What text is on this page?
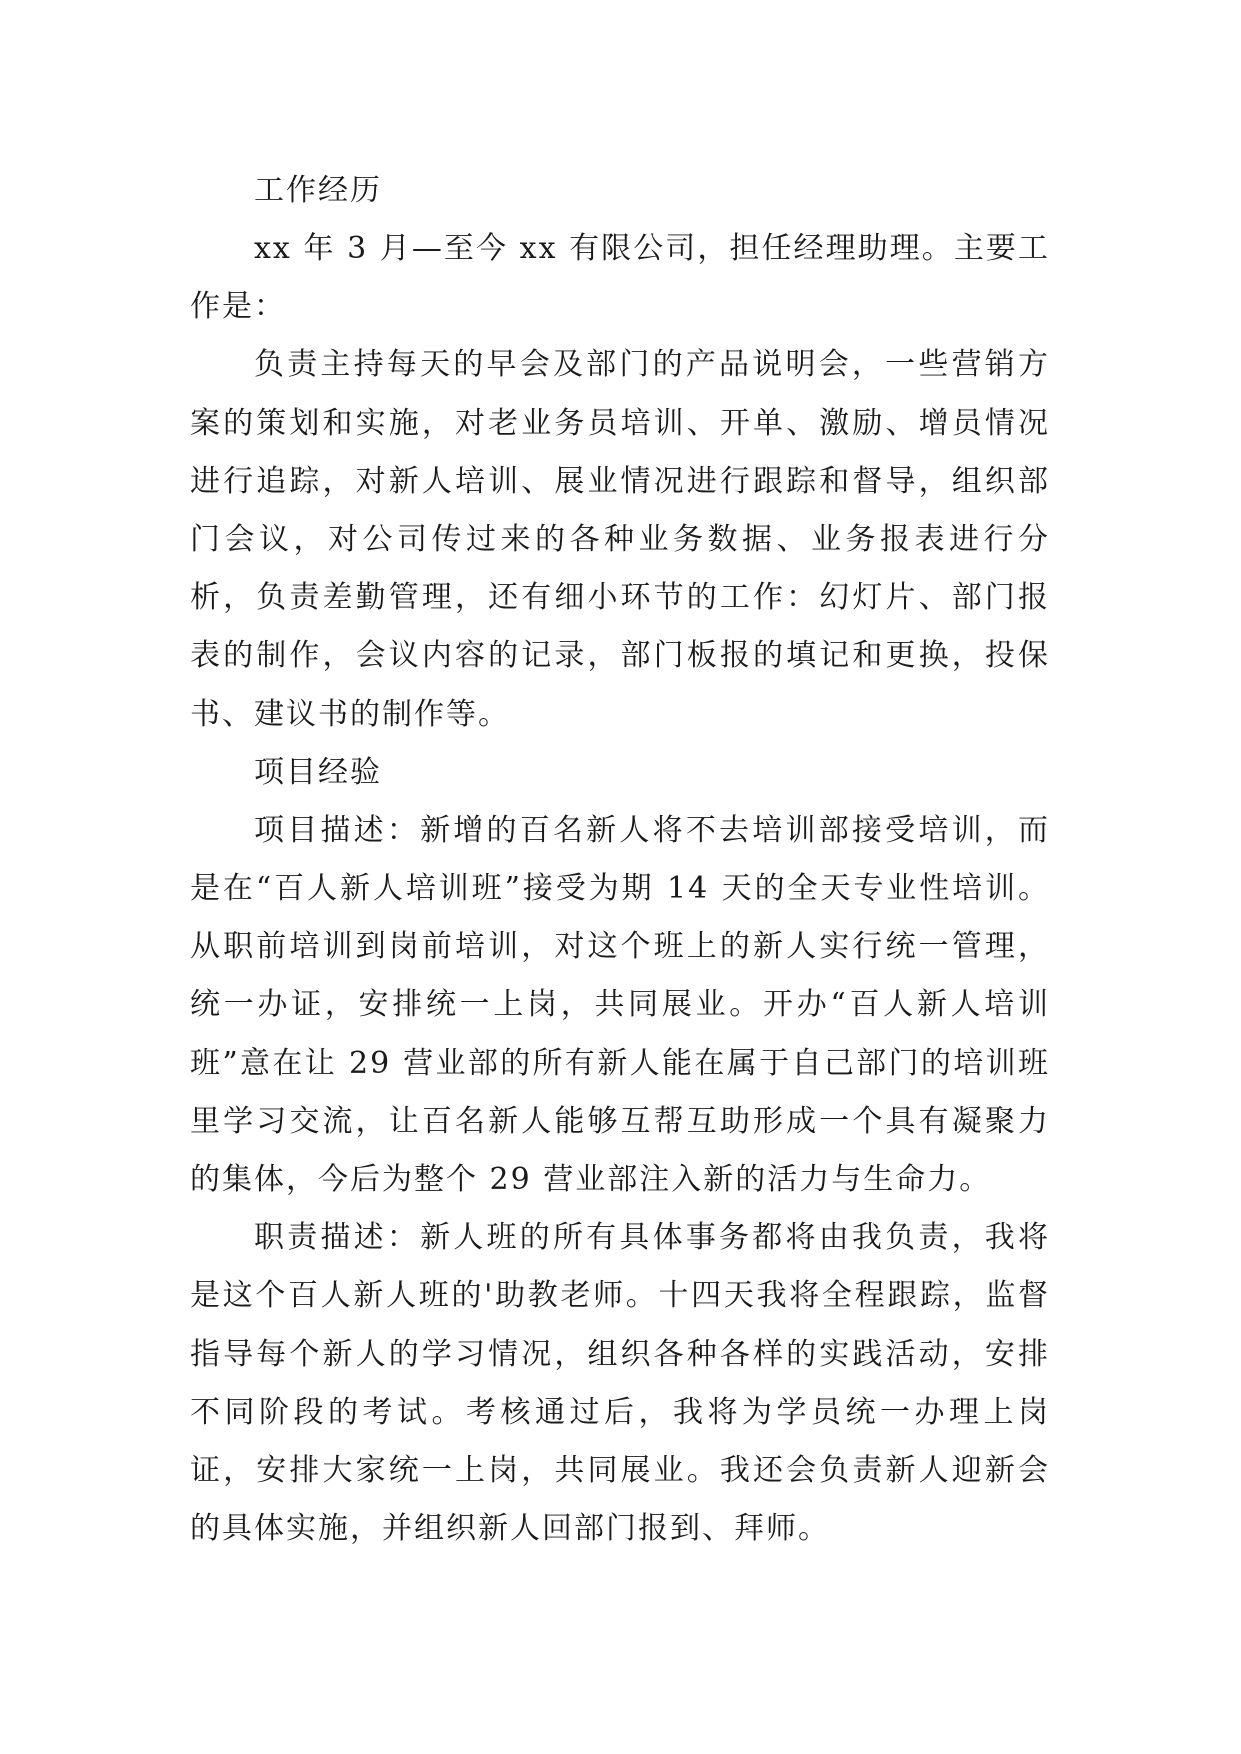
工作经历

xx 年 3 月—至今 xx 有限公司，担任经理助理。主要工作是：

负责主持每天的早会及部门的产品说明会，一些营销方案的策划和实施，对老业务员培训、开单、激励、增员情况进行追踪，对新人培训、展业情况进行跟踪和督导，组织部门会议，对公司传过来的各种业务数据、业务报表进行分析，负责差勤管理，还有细小环节的工作：幻灯片、部门报表的制作，会议内容的记录，部门板报的填记和更换，投保书、建议书的制作等。

项目经验

项目描述：新增的百名新人将不去培训部接受培训，而是在“百人新人培训班”接受为期 14 天的全天专业性培训。从职前培训到岗前培训，对这个班上的新人实行统一管理，统一办证，安排统一上岗，共同展业。开办“百人新人培训班”意在让 29 营业部的所有新人能在属于自己部门的培训班里学习交流，让百名新人能够互帮互助形成一个具有凝聚力的集体，今后为整个 29 营业部注入新的活力与生命力。

职责描述：新人班的所有具体事务都将由我负责，我将是这个百人新人班的'助教老师。十四天我将全程跟踪，监督指导每个新人的学习情况，组织各种各样的实践活动，安排不同阶段的考试。考核通过后，我将为学员统一办理上岗证，安排大家统一上岗，共同展业。我还会负责新人迎新会的具体实施，并组织新人回部门报到、拜师。
